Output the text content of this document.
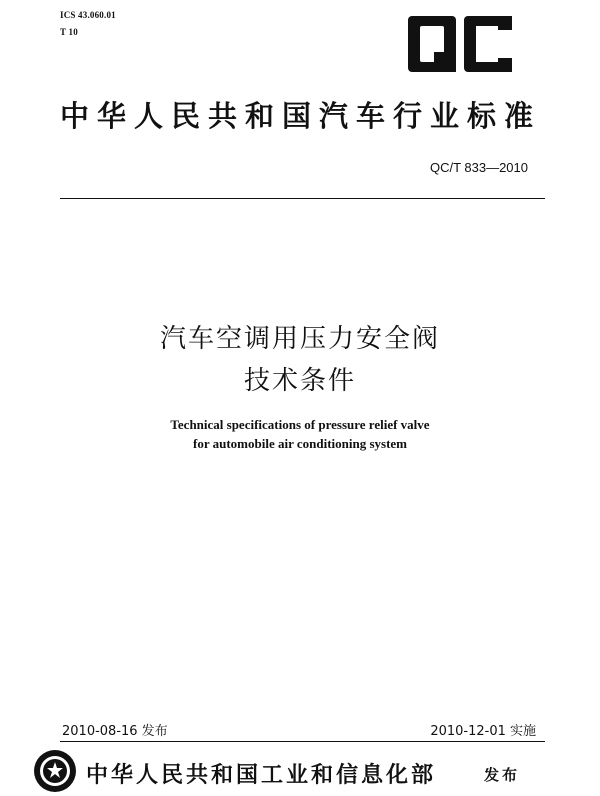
ICS 43.060.01
T 10
中华人民共和国汽车行业标准
QC/T 833—2010
汽车空调用压力安全阀
技术条件
Technical specifications of pressure relief valve
for automobile air conditioning system
2010-08-16 发布	2010-12-01 实施
中华人民共和国工业和信息化部	发布
